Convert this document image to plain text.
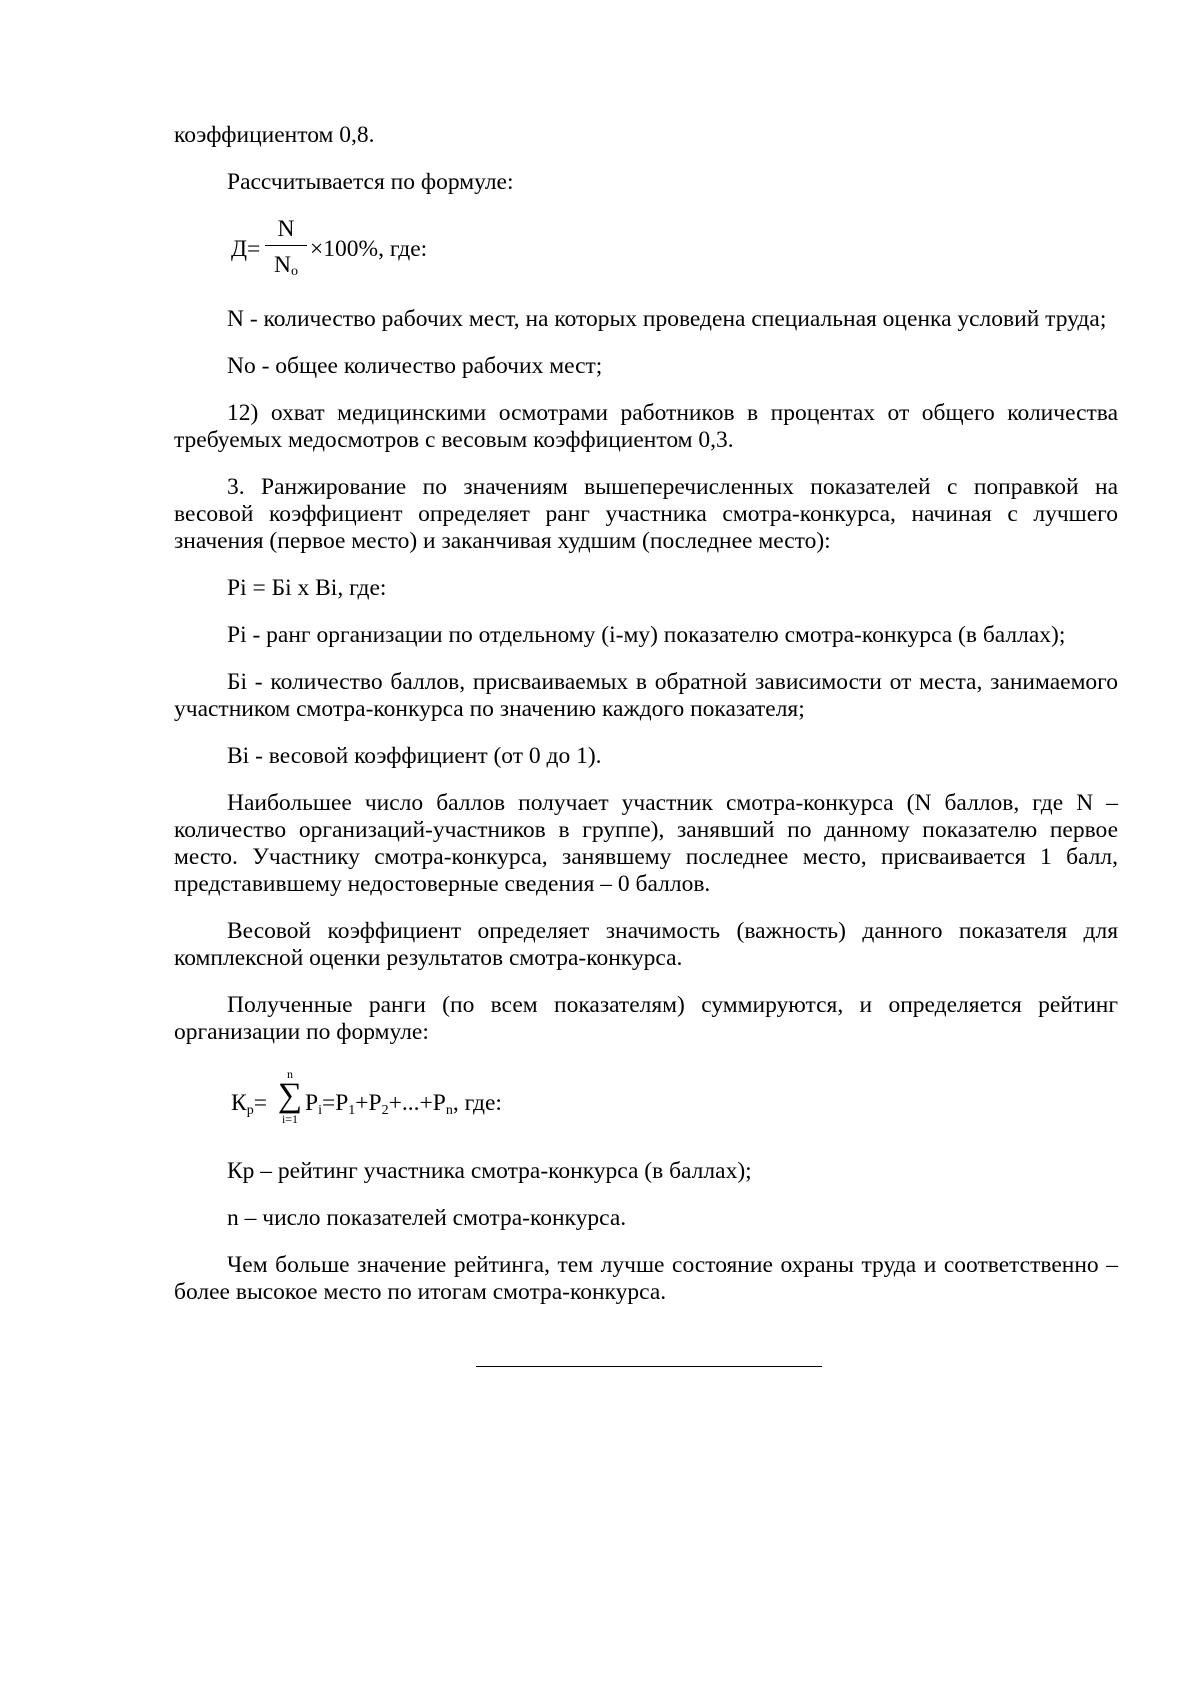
коэффициентом 0,8.

Рассчитывается по формуле:

Д=
N
$N_o$
×100%, где:

N - количество рабочих мест, на которых проведена специальная оценка условий труда;

No - общее количество рабочих мест;

12) охват медицинскими осмотрами работников в процентах от общего количества требуемых медосмотров с весовым коэффициентом 0,3.

3. Ранжирование по значениям вышеперечисленных показателей с поправкой на весовой коэффициент определяет ранг участника смотра-конкурса, начиная с лучшего значения (первое место) и заканчивая худшим (последнее место):

Pi = Бi x Вi, где:

Pi - ранг организации по отдельному (i-му) показателю смотра-конкурса (в баллах);

Бi - количество баллов, присваиваемых в обратной зависимости от места, занимаемого участником смотра-конкурса по значению каждого показателя;

Вi - весовой коэффициент (от 0 до 1).

Наибольшее число баллов получает участник смотра-конкурса (N баллов, где N – количество организаций-участников в группе), занявший по данному показателю первое место. Участнику смотра-конкурса, занявшему последнее место, присваивается 1 балл, представившему недостоверные сведения – 0 баллов.

Весовой коэффициент определяет значимость (важность) данного показателя для комплексной оценки результатов смотра-конкурса.

Полученные ранги (по всем показателям) суммируются, и определяется рейтинг организации по формуле:

Кp=
n
∑
i=1
Pi=P1+P2+...+Pn, где:

Кр – рейтинг участника смотра-конкурса (в баллах);

n – число показателей смотра-конкурса.

Чем больше значение рейтинга, тем лучше состояние охраны труда и соответственно – более высокое место по итогам смотра-конкурса.
